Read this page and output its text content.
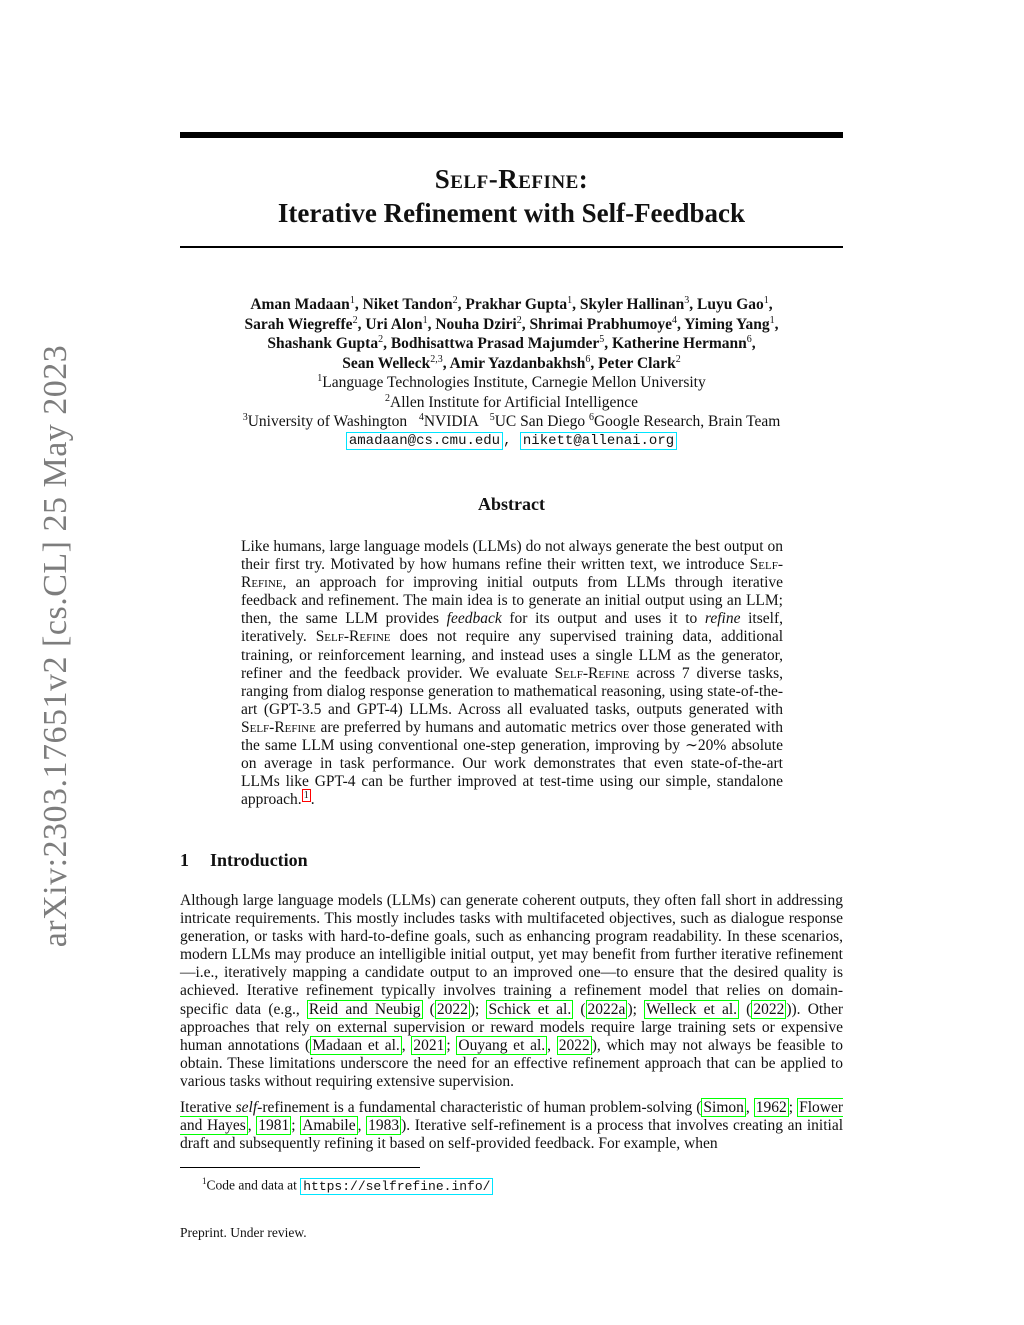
arXiv:2303.17651v2 [cs.CL] 25 May 2023
Self-Refine:
Iterative Refinement with Self-Feedback
Aman Madaan$^1$, Niket Tandon$^2$, Prakhar Gupta$^1$, Skyler Hallinan$^3$, Luyu Gao$^1$,
Sarah Wiegreffe$^2$, Uri Alon$^1$, Nouha Dziri$^2$, Shrimai Prabhumoye$^4$, Yiming Yang$^1$,
Shashank Gupta$^2$, Bodhisattwa Prasad Majumder$^5$, Katherine Hermann$^6$,
Sean Welleck$^{2,3}$, Amir Yazdanbakhsh$^6$, Peter Clark$^2$
$^1$Language Technologies Institute, Carnegie Mellon University
$^2$Allen Institute for Artificial Intelligence
$^3$University of Washington $^4$NVIDIA $^5$UC San Diego $^6$Google Research, Brain Team
amadaan@cs.cmu.edu , nikett@allenai.org
Abstract

Like humans, large language models (LLMs) do not always generate the best output on their first try. Motivated by how humans refine their written text, we introduce Self-Refine, an approach for improving initial outputs from LLMs through iterative feedback and refinement. The main idea is to generate an initial output using an LLM; then, the same LLM provides feedback for its output and uses it to refine itself, iteratively. Self-Refine does not require any supervised training data, additional training, or reinforcement learning, and instead uses a single LLM as the generator, refiner and the feedback provider. We evaluate Self-Refine across 7 diverse tasks, ranging from dialog response generation to mathematical reasoning, using state-of-the-art (GPT-3.5 and GPT-4) LLMs. Across all evaluated tasks, outputs generated with Self-Refine are preferred by humans and automatic metrics over those generated with the same LLM using conventional one-step generation, improving by ∼20% absolute on average in task performance. Our work demonstrates that even state-of-the-art LLMs like GPT-4 can be further improved at test-time using our simple, standalone approach. $^1$ .

1 Introduction

Although large language models (LLMs) can generate coherent outputs, they often fall short in addressing intricate requirements. This mostly includes tasks with multifaceted objectives, such as dialogue response generation, or tasks with hard-to-define goals, such as enhancing program readability. In these scenarios, modern LLMs may produce an intelligible initial output, yet may benefit from further iterative refinement—i.e., iteratively mapping a candidate output to an improved one—to ensure that the desired quality is achieved. Iterative refinement typically involves training a refinement model that relies on domain-specific data (e.g., Reid and Neubig ( 2022 ); Schick et al. ( 2022a ); Welleck et al. ( 2022 )). Other approaches that rely on external supervision or reward models require large training sets or expensive human annotations ( Madaan et al. , 2021 ; Ouyang et al. , 2022 ), which may not always be feasible to obtain. These limitations underscore the need for an effective refinement approach that can be applied to various tasks without requiring extensive supervision.

Iterative self-refinement is a fundamental characteristic of human problem-solving ( Simon , 1962 ; Flower and Hayes , 1981 ; Amabile , 1983 ). Iterative self-refinement is a process that involves creating an initial draft and subsequently refining it based on self-provided feedback. For example, when

$^1$Code and data at https://selfrefine.info/
Preprint. Under review.
